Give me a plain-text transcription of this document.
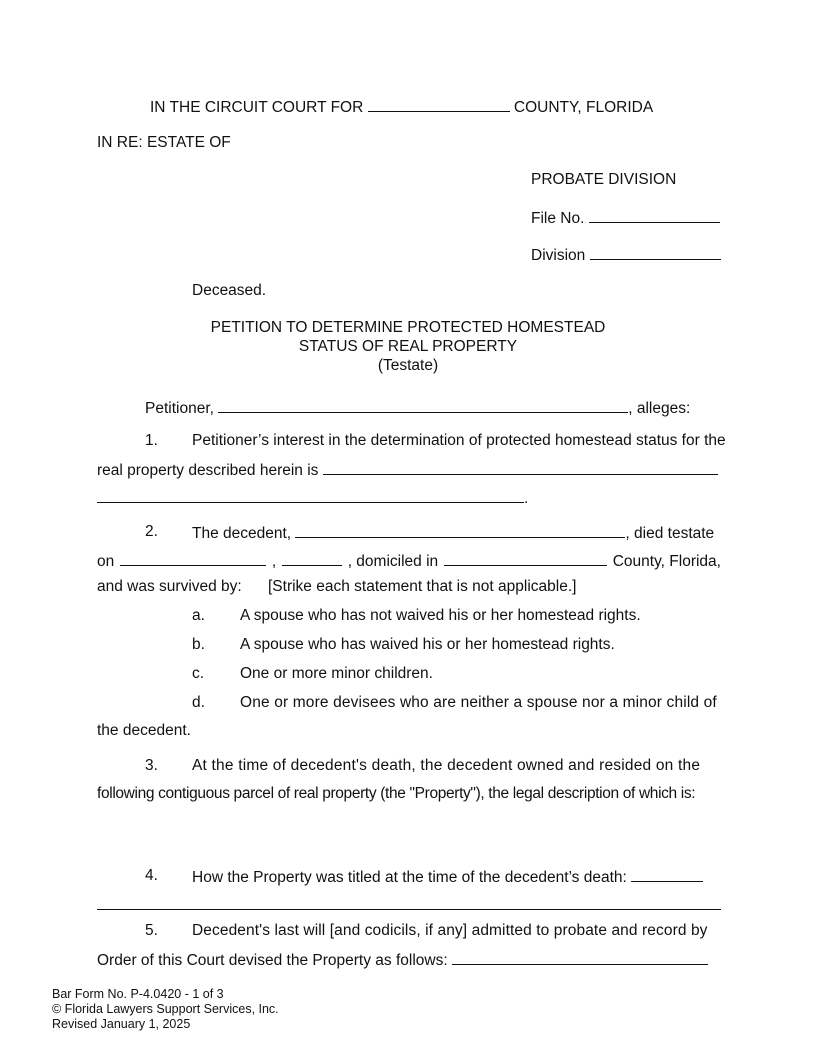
IN THE CIRCUIT COURT FOR	COUNTY, FLORIDA
IN RE: ESTATE OF
PROBATE DIVISION
File No.
Division
Deceased.
PETITION TO DETERMINE PROTECTED HOMESTEAD
STATUS OF REAL PROPERTY
(Testate)
Petitioner,	, alleges:
1. Petitioner’s interest in the determination of protected homestead status for the
real property described herein is
.
2. The decedent,	, died testate
on	,	, domiciled in	County, Florida,
and was survived by: [Strike each statement that is not applicable.]
a. A spouse who has not waived his or her homestead rights.
b. A spouse who has waived his or her homestead rights.
c. One or more minor children.
d. One or more devisees who are neither a spouse nor a minor child of
the decedent.
3. At the time of decedent's death, the decedent owned and resided on the
following contiguous parcel of real property (the "Property"), the legal description of which is:
4. How the Property was titled at the time of the decedent’s death:
5. Decedent's last will [and codicils, if any] admitted to probate and record by
Order of this Court devised the Property as follows:
Bar Form No. P-4.0420 - 1 of 3
© Florida Lawyers Support Services, Inc.
Revised January 1, 2025
